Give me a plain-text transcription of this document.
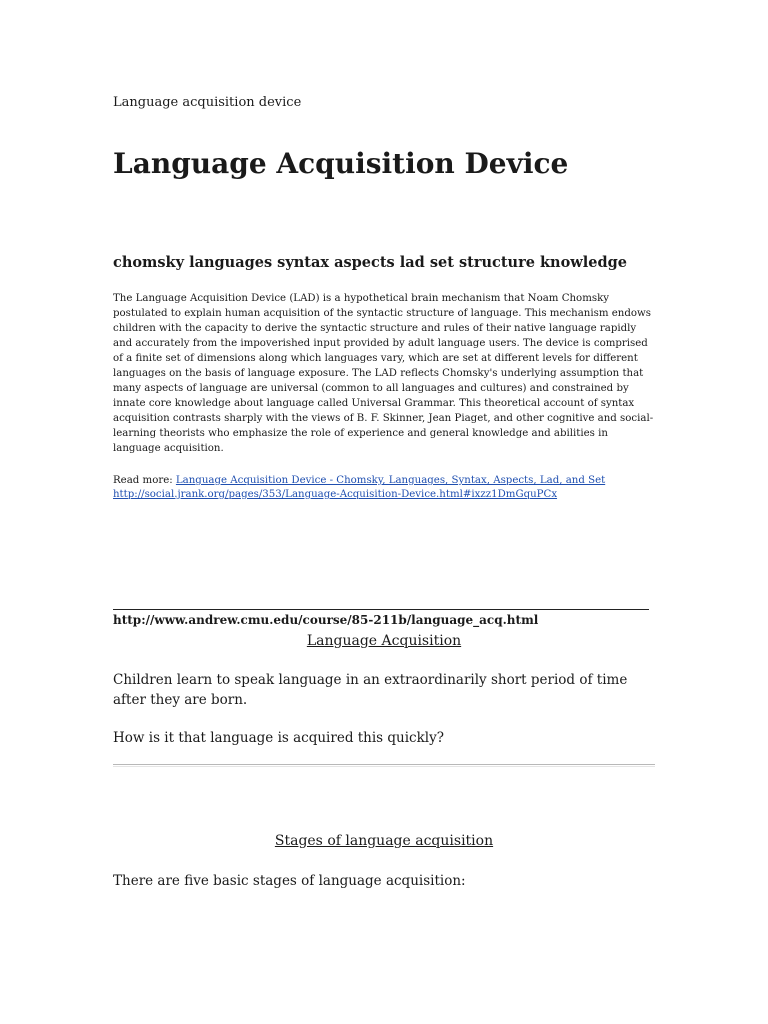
Language acquisition device
Language Acquisition Device
chomsky languages syntax aspects lad set structure knowledge

The Language Acquisition Device (LAD) is a hypothetical brain mechanism that Noam Chomsky postulated to explain human acquisition of the syntactic structure of language. This mechanism endows children with the capacity to derive the syntactic structure and rules of their native language rapidly and accurately from the impoverished input provided by adult language users. The device is comprised of a finite set of dimensions along which languages vary, which are set at different levels for different languages on the basis of language exposure. The LAD reflects Chomsky's underlying assumption that many aspects of language are universal (common to all languages and cultures) and constrained by innate core knowledge about language called Universal Grammar. This theoretical account of syntax acquisition contrasts sharply with the views of B. F. Skinner, Jean Piaget, and other cognitive and social-learning theorists who emphasize the role of experience and general knowledge and abilities in language acquisition.

Read more: Language Acquisition Device - Chomsky, Languages, Syntax, Aspects, Lad, and Set
http://social.jrank.org/pages/353/Language-Acquisition-Device.html#ixzz1DmGquPCx
http://www.andrew.cmu.edu/course/85-211b/language_acq.html
Language Acquisition

Children learn to speak language in an extraordinarily short period of time after they are born.

How is it that language is acquired this quickly?

Stages of language acquisition

There are five basic stages of language acquisition:
